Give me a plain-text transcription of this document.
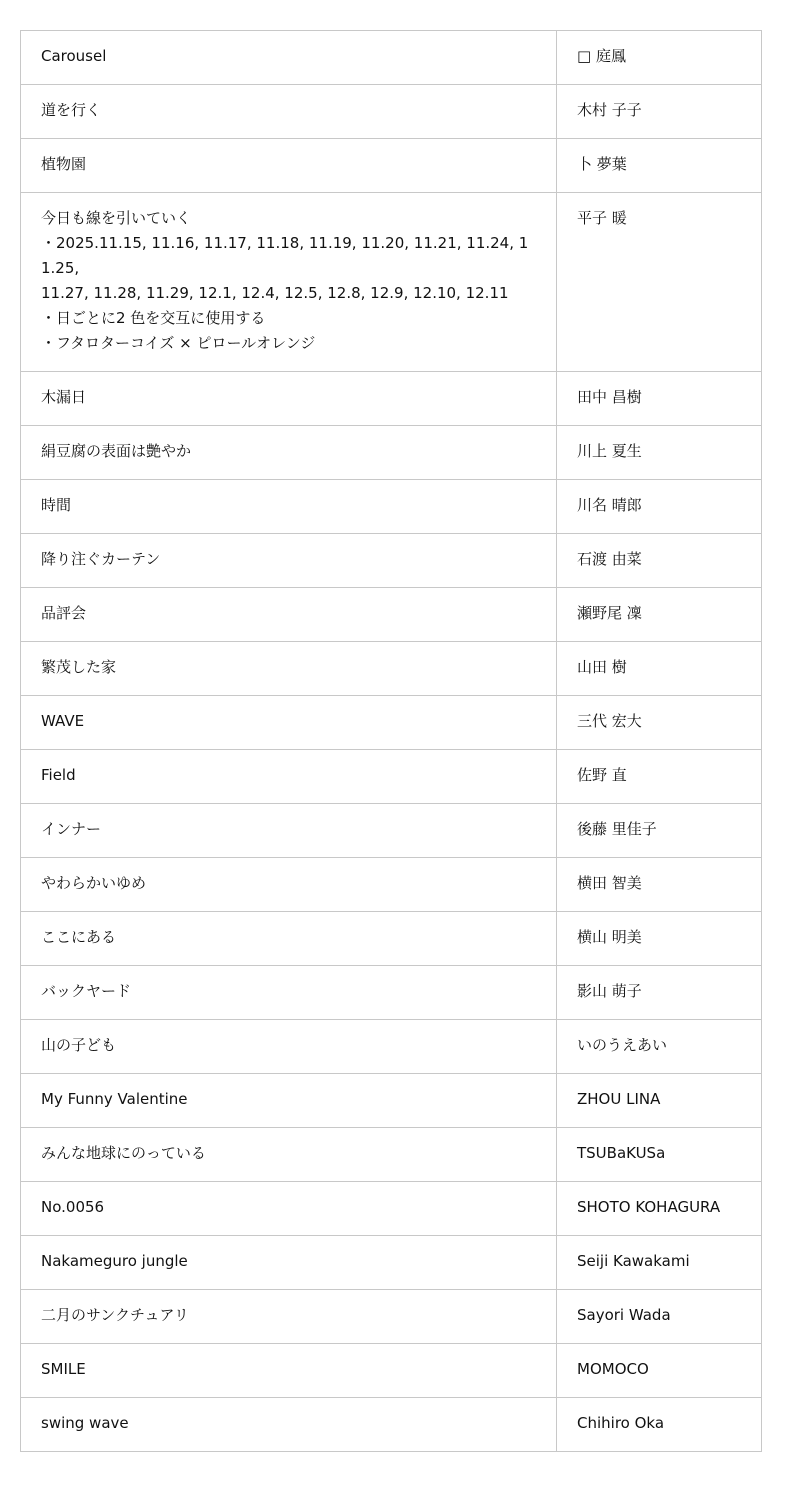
Carousel	□ 庭鳳
道を行く	木村 子子
植物園	卜 夢葉
今日も線を引いていく
・2025.11.15, 11.16, 11.17, 11.18, 11.19, 11.20, 11.21, 11.24, 11.25,
11.27, 11.28, 11.29, 12.1, 12.4, 12.5, 12.8, 12.9, 12.10, 12.11
・日ごとに2 色を交互に使用する
・フタロターコイズ × ピロールオレンジ	平子 暖
木漏日	田中 昌樹
絹豆腐の表面は艶やか	川上 夏生
時間	川名 晴郎
降り注ぐカーテン	石渡 由菜
品評会	瀬野尾 凜
繁茂した家	山田 樹
WAVE	三代 宏大
Field	佐野 直
インナー	後藤 里佳子
やわらかいゆめ	横田 智美
ここにある	横山 明美
バックヤード	影山 萌子
山の子ども	いのうえあい
My Funny Valentine	ZHOU LINA
みんな地球にのっている	TSUBaKUSa
No.0056	SHOTO KOHAGURA
Nakameguro jungle	Seiji Kawakami
二月のサンクチュアリ	Sayori Wada
SMILE	MOMOCO
swing wave	Chihiro Oka
